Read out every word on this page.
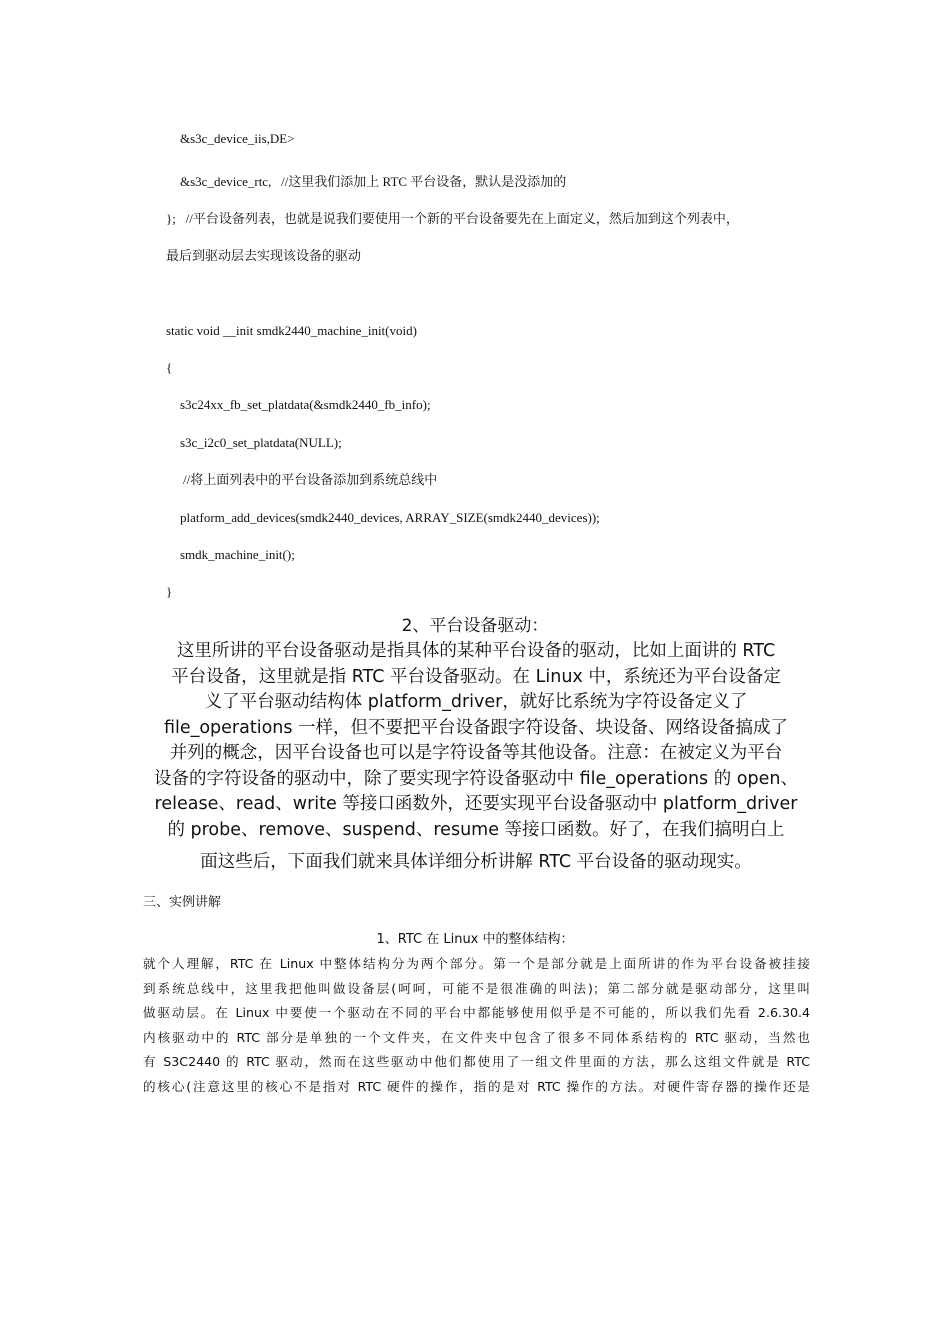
&s3c_device_iis,DE>
&s3c_device_rtc,   //这里我们添加上 RTC 平台设备，默认是没添加的
};   //平台设备列表，也就是说我们要使用一个新的平台设备要先在上面定义，然后加到这个列表中，
最后到驱动层去实现该设备的驱动
static void __init smdk2440_machine_init(void)
{
s3c24xx_fb_set_platdata(&smdk2440_fb_info);
s3c_i2c0_set_platdata(NULL);
//将上面列表中的平台设备添加到系统总线中
platform_add_devices(smdk2440_devices, ARRAY_SIZE(smdk2440_devices));
smdk_machine_init();
}
2、平台设备驱动：
这里所讲的平台设备驱动是指具体的某种平台设备的驱动，比如上面讲的 RTC
平台设备，这里就是指 RTC 平台设备驱动。在 Linux 中，系统还为平台设备定
义了平台驱动结构体 platform_driver，就好比系统为字符设备定义了
file_operations 一样，但不要把平台设备跟字符设备、块设备、网络设备搞成了
并列的概念，因平台设备也可以是字符设备等其他设备。注意：在被定义为平台
设备的字符设备的驱动中，除了要实现字符设备驱动中 file_operations 的 open、
release、read、write 等接口函数外，还要实现平台设备驱动中 platform_driver
的 probe、remove、suspend、resume 等接口函数。好了，在我们搞明白上
面这些后，下面我们就来具体详细分析讲解 RTC 平台设备的驱动现实。
三、实例讲解
1、RTC 在 Linux 中的整体结构：
就个人理解，RTC 在 Linux 中整体结构分为两个部分。第一个是部分就是上面所讲的作为平台设备被挂接
到系统总线中，这里我把他叫做设备层(呵呵，可能不是很准确的叫法)；第二部分就是驱动部分，这里叫
做驱动层。在 Linux 中要使一个驱动在不同的平台中都能够使用似乎是不可能的，所以我们先看 2.6.30.4
内核驱动中的 RTC 部分是单独的一个文件夹，在文件夹中包含了很多不同体系结构的 RTC 驱动，当然也
有 S3C2440 的 RTC 驱动，然而在这些驱动中他们都使用了一组文件里面的方法，那么这组文件就是 RTC
的核心(注意这里的核心不是指对 RTC 硬件的操作，指的是对 RTC 操作的方法。对硬件寄存器的操作还是
